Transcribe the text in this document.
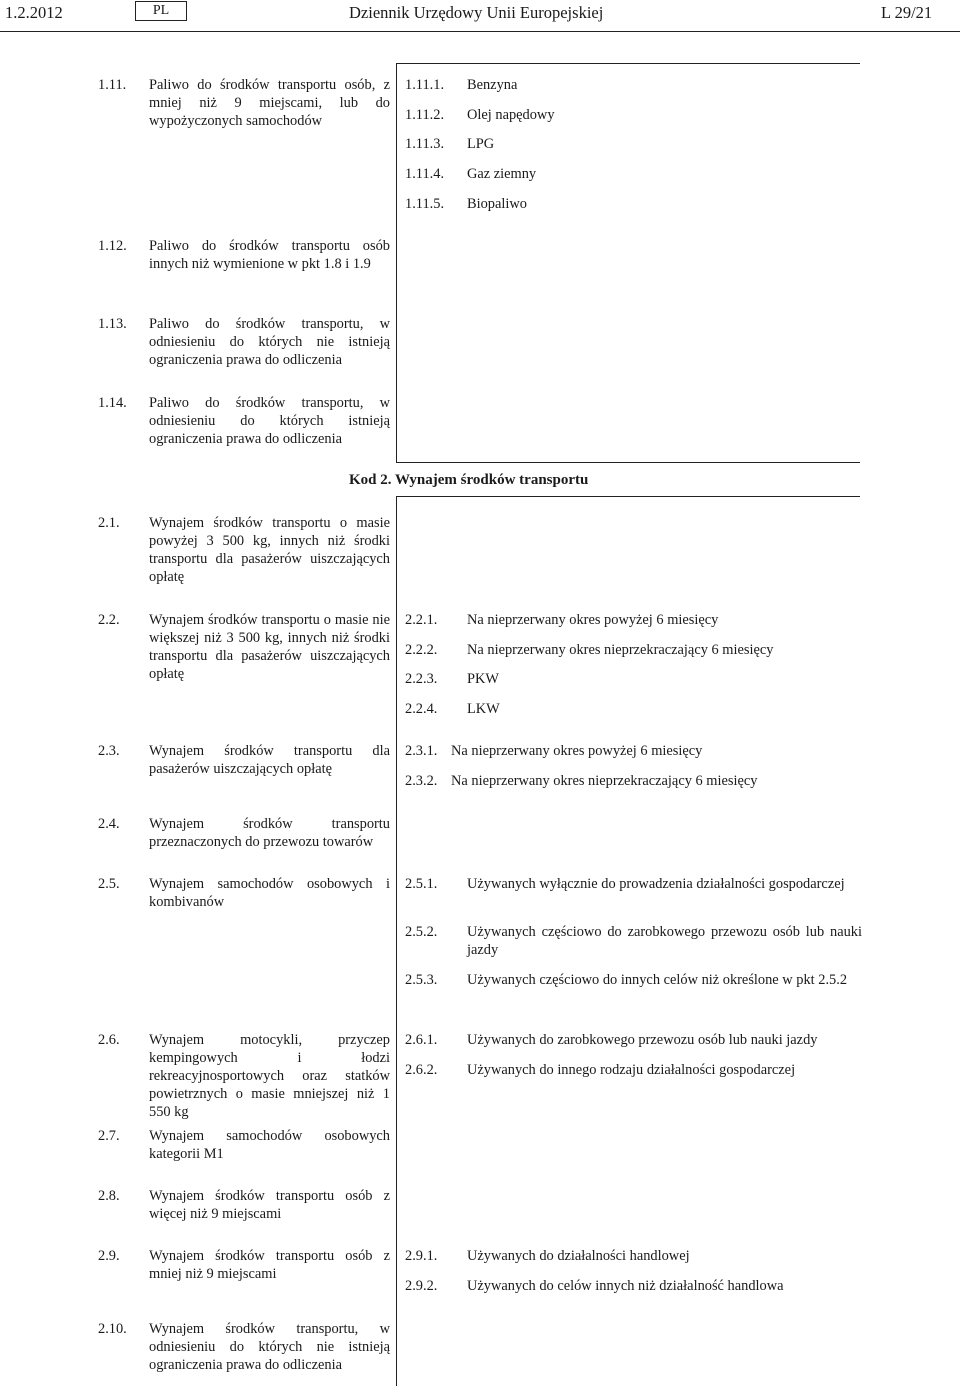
1.2.2012	PL	Dziennik Urzędowy Unii Europejskiej	L 29/21
Kod 2. Wynajem środków transportu
1.11. Paliwo do środków transportu osób, z mniej niż 9 miejscami, lub do wypożyczonych samochodów
1.11.1. Benzyna
1.11.2. Olej napędowy
1.11.3. LPG
1.11.4. Gaz ziemny
1.11.5. Biopaliwo
1.12. Paliwo do środków transportu osób innych niż wymienione w pkt 1.8 i 1.9
1.13. Paliwo do środków transportu, w odniesieniu do których nie istnieją ograniczenia prawa do odliczenia
1.14. Paliwo do środków transportu, w odniesieniu do których istnieją ograniczenia prawa do odliczenia
2.1. Wynajem środków transportu o masie powyżej 3 500 kg, innych niż środki transportu dla pasażerów uiszczających opłatę
2.2. Wynajem środków transportu o masie nie większej niż 3 500 kg, innych niż środki transportu dla pasażerów uiszczających opłatę
2.2.1. Na nieprzerwany okres powyżej 6 miesięcy
2.2.2. Na nieprzerwany okres nieprzekraczający 6 miesięcy
2.2.3. PKW
2.2.4. LKW
2.3. Wynajem środków transportu dla pasażerów uiszczających opłatę
2.3.1. Na nieprzerwany okres powyżej 6 miesięcy
2.3.2. Na nieprzerwany okres nieprzekraczający 6 miesięcy
2.4. Wynajem środków transportu przeznaczonych do przewozu towarów
2.5. Wynajem samochodów osobowych i kombivanów
2.5.1. Używanych wyłącznie do prowadzenia działalności gospodarczej
2.5.2. Używanych częściowo do zarobkowego przewozu osób lub nauki jazdy
2.5.3. Używanych częściowo do innych celów niż określone w pkt 2.5.2
2.6. Wynajem motocykli, przyczep kempingowych i łodzi rekreacyjnosportowych oraz statków powietrznych o masie mniejszej niż 1 550 kg
2.6.1. Używanych do zarobkowego przewozu osób lub nauki jazdy
2.6.2. Używanych do innego rodzaju działalności gospodarczej
2.7. Wynajem samochodów osobowych kategorii M1
2.8. Wynajem środków transportu osób z więcej niż 9 miejscami
2.9. Wynajem środków transportu osób z mniej niż 9 miejscami
2.9.1. Używanych do działalności handlowej
2.9.2. Używanych do celów innych niż działalność handlowa
2.10. Wynajem środków transportu, w odniesieniu do których nie istnieją ograniczenia prawa do odliczenia
